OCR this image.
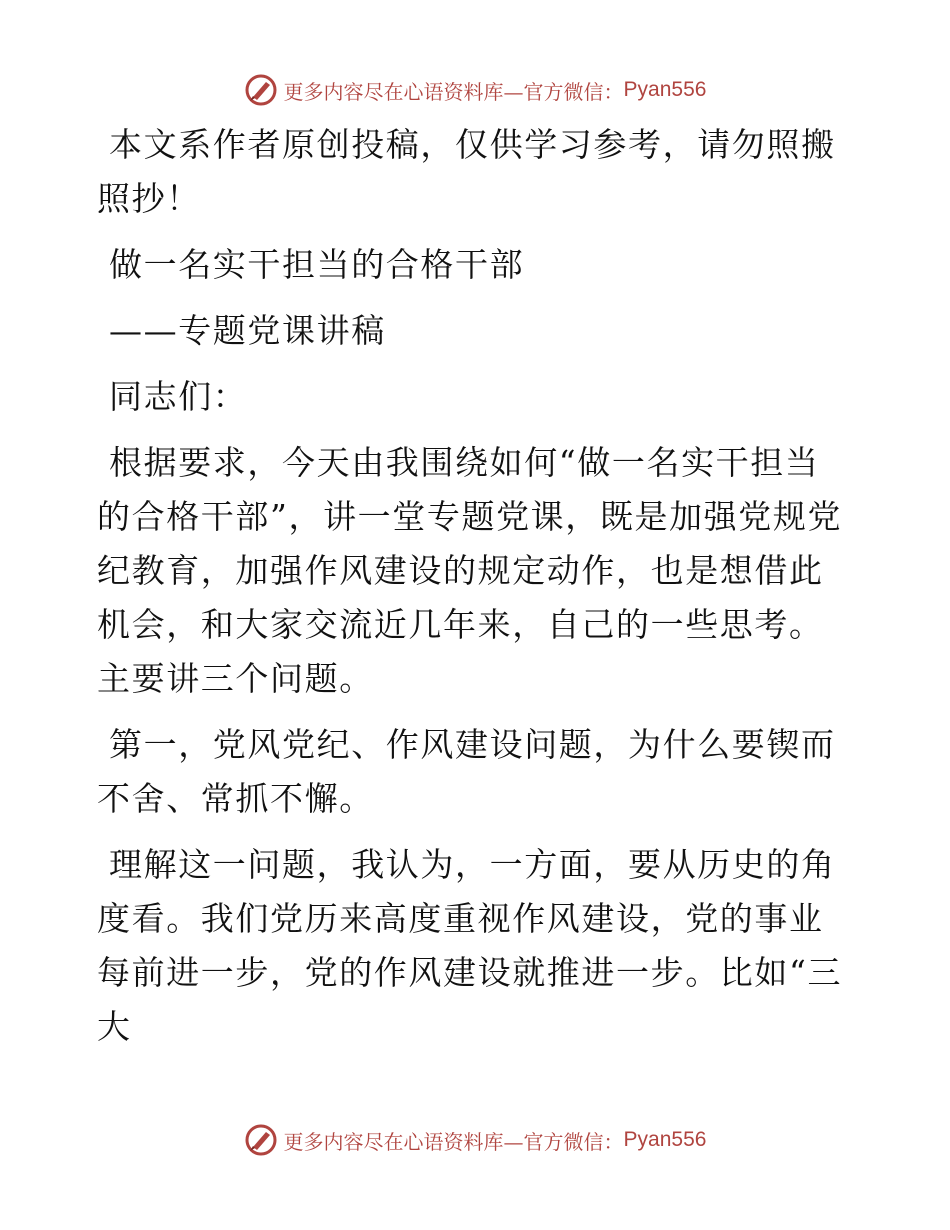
更多内容尽在心语资料库—官方微信： Pyan556

本文系作者原创投稿，仅供学习参考，请勿照搬照抄！

做一名实干担当的合格干部

——专题党课讲稿

同志们：

根据要求，今天由我围绕如何“做一名实干担当的合格干部”，讲一堂专题党课，既是加强党规党纪教育，加强作风建设的规定动作，也是想借此机会，和大家交流近几年来，自己的一些思考。主要讲三个问题。

第一，党风党纪、作风建设问题，为什么要锲而不舍、常抓不懈。

理解这一问题，我认为，一方面，要从历史的角度看。我们党历来高度重视作风建设，党的事业每前进一步，党的作风建设就推进一步。比如“三大

更多内容尽在心语资料库—官方微信： Pyan556
